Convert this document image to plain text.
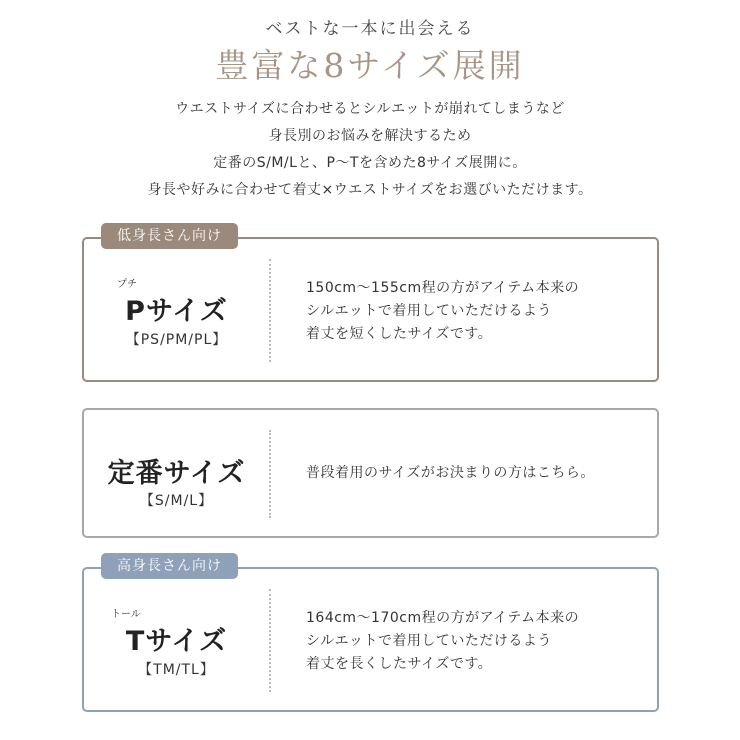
ベストな一本に出会える
豊富な8サイズ展開
ウエストサイズに合わせるとシルエットが崩れてしまうなど
身長別のお悩みを解決するため
定番のS/M/Lと、P〜Tを含めた8サイズ展開に。
身長や好みに合わせて着丈×ウエストサイズをお選びいただけます。
プチ
Pサイズ
【PS/PM/PL】
150cm〜155cm程の方がアイテム本来の
シルエットで着用していただけるよう
着丈を短くしたサイズです。
低身長さん向け
定番サイズ
【S/M/L】
普段着用のサイズがお決まりの方はこちら。
トール
Tサイズ
【TM/TL】
164cm〜170cm程の方がアイテム本来の
シルエットで着用していただけるよう
着丈を長くしたサイズです。
高身長さん向け
